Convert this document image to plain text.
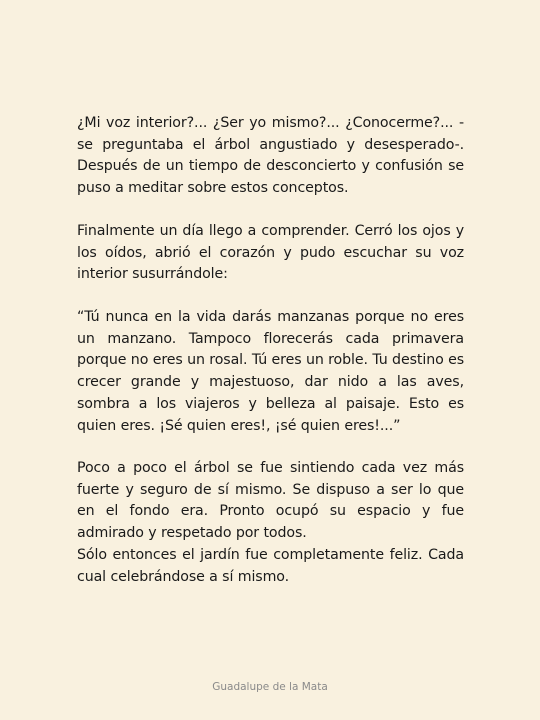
¿Mi voz interior?... ¿Ser yo mismo?... ¿Conocerme?... -se preguntaba el árbol angustiado y desesperado-. Después de un tiempo de desconcierto y confusión se puso a meditar sobre estos conceptos.

Finalmente un día llego a comprender. Cerró los ojos y los oídos, abrió el corazón y pudo escuchar su voz interior susurrándole:

“Tú nunca en la vida darás manzanas porque no eres un manzano. Tampoco florecerás cada primavera porque no eres un rosal. Tú eres un roble. Tu destino es crecer grande y majestuoso, dar nido a las aves, sombra a los viajeros y belleza al paisaje. Esto es quien eres. ¡Sé quien eres!, ¡sé quien eres!...”

Poco a poco el árbol se fue sintiendo cada vez más fuerte y seguro de sí mismo. Se dispuso a ser lo que en el fondo era. Pronto ocupó su espacio y fue admirado y respetado por todos.

Sólo entonces el jardín fue completamente feliz. Cada cual celebrándose a sí mismo.

Guadalupe de la Mata
